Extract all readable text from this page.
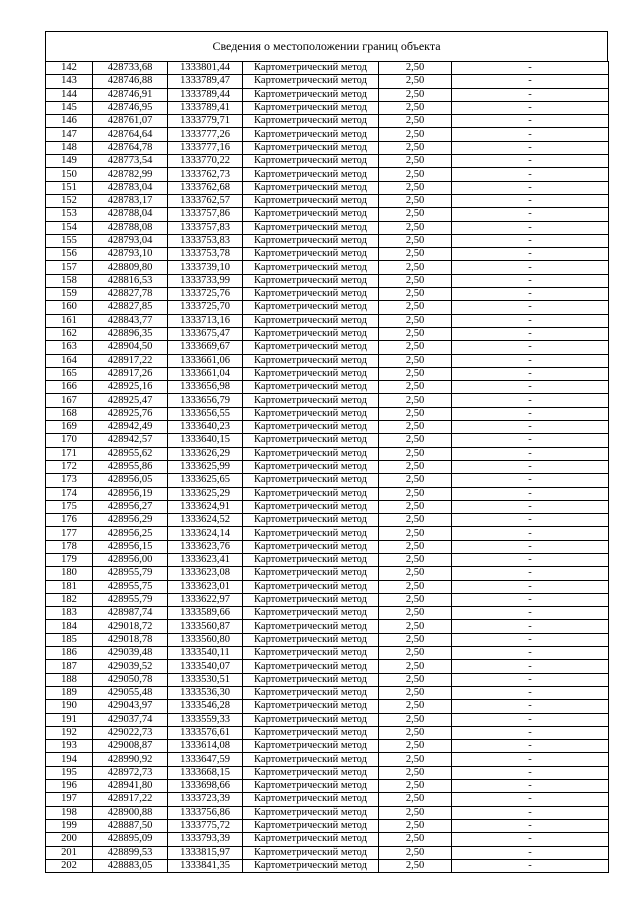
Сведения о местоположении границ объекта
142	428733,68	1333801,44	Картометрический метод	2,50	-
143	428746,88	1333789,47	Картометрический метод	2,50	-
144	428746,91	1333789,44	Картометрический метод	2,50	-
145	428746,95	1333789,41	Картометрический метод	2,50	-
146	428761,07	1333779,71	Картометрический метод	2,50	-
147	428764,64	1333777,26	Картометрический метод	2,50	-
148	428764,78	1333777,16	Картометрический метод	2,50	-
149	428773,54	1333770,22	Картометрический метод	2,50	-
150	428782,99	1333762,73	Картометрический метод	2,50	-
151	428783,04	1333762,68	Картометрический метод	2,50	-
152	428783,17	1333762,57	Картометрический метод	2,50	-
153	428788,04	1333757,86	Картометрический метод	2,50	-
154	428788,08	1333757,83	Картометрический метод	2,50	-
155	428793,04	1333753,83	Картометрический метод	2,50	-
156	428793,10	1333753,78	Картометрический метод	2,50	-
157	428809,80	1333739,10	Картометрический метод	2,50	-
158	428816,53	1333733,99	Картометрический метод	2,50	-
159	428827,78	1333725,76	Картометрический метод	2,50	-
160	428827,85	1333725,70	Картометрический метод	2,50	-
161	428843,77	1333713,16	Картометрический метод	2,50	-
162	428896,35	1333675,47	Картометрический метод	2,50	-
163	428904,50	1333669,67	Картометрический метод	2,50	-
164	428917,22	1333661,06	Картометрический метод	2,50	-
165	428917,26	1333661,04	Картометрический метод	2,50	-
166	428925,16	1333656,98	Картометрический метод	2,50	-
167	428925,47	1333656,79	Картометрический метод	2,50	-
168	428925,76	1333656,55	Картометрический метод	2,50	-
169	428942,49	1333640,23	Картометрический метод	2,50	-
170	428942,57	1333640,15	Картометрический метод	2,50	-
171	428955,62	1333626,29	Картометрический метод	2,50	-
172	428955,86	1333625,99	Картометрический метод	2,50	-
173	428956,05	1333625,65	Картометрический метод	2,50	-
174	428956,19	1333625,29	Картометрический метод	2,50	-
175	428956,27	1333624,91	Картометрический метод	2,50	-
176	428956,29	1333624,52	Картометрический метод	2,50	-
177	428956,25	1333624,14	Картометрический метод	2,50	-
178	428956,15	1333623,76	Картометрический метод	2,50	-
179	428956,00	1333623,41	Картометрический метод	2,50	-
180	428955,79	1333623,08	Картометрический метод	2,50	-
181	428955,75	1333623,01	Картометрический метод	2,50	-
182	428955,79	1333622,97	Картометрический метод	2,50	-
183	428987,74	1333589,66	Картометрический метод	2,50	-
184	429018,72	1333560,87	Картометрический метод	2,50	-
185	429018,78	1333560,80	Картометрический метод	2,50	-
186	429039,48	1333540,11	Картометрический метод	2,50	-
187	429039,52	1333540,07	Картометрический метод	2,50	-
188	429050,78	1333530,51	Картометрический метод	2,50	-
189	429055,48	1333536,30	Картометрический метод	2,50	-
190	429043,97	1333546,28	Картометрический метод	2,50	-
191	429037,74	1333559,33	Картометрический метод	2,50	-
192	429022,73	1333576,61	Картометрический метод	2,50	-
193	429008,87	1333614,08	Картометрический метод	2,50	-
194	428990,92	1333647,59	Картометрический метод	2,50	-
195	428972,73	1333668,15	Картометрический метод	2,50	-
196	428941,80	1333698,66	Картометрический метод	2,50	-
197	428917,22	1333723,39	Картометрический метод	2,50	-
198	428900,88	1333756,86	Картометрический метод	2,50	-
199	428887,50	1333775,72	Картометрический метод	2,50	-
200	428895,09	1333793,39	Картометрический метод	2,50	-
201	428899,53	1333815,97	Картометрический метод	2,50	-
202	428883,05	1333841,35	Картометрический метод	2,50	-
